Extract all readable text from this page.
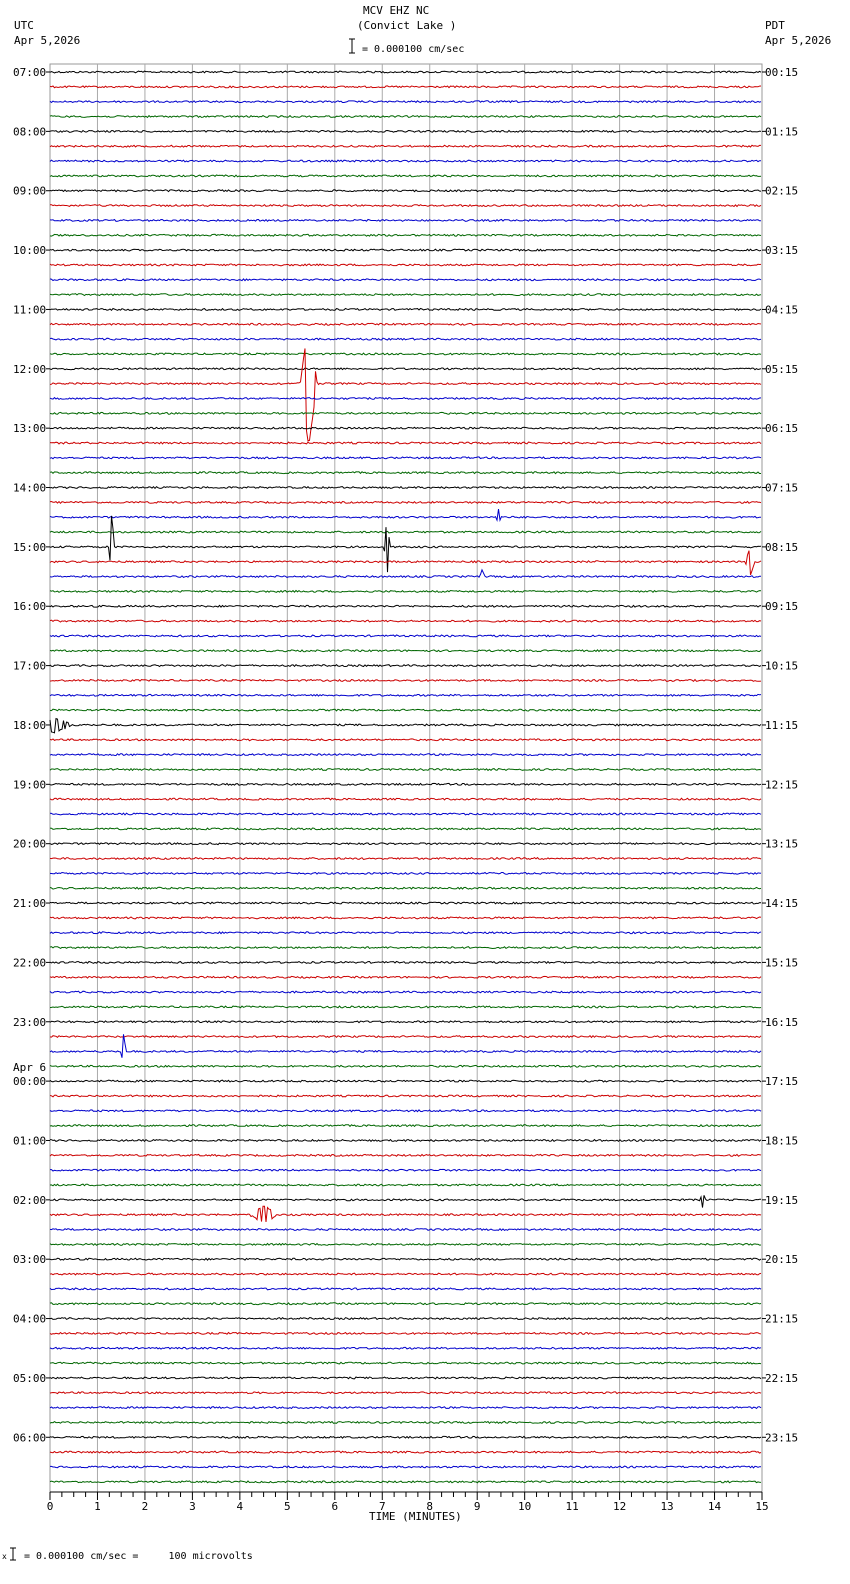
MCV EHZ NC
(Convict Lake )
UTC
Apr 5,2026
PDT
Apr 5,2026
= 0.000100 cm/sec
07:00	00:15
08:00	01:15
09:00	02:15
10:00	03:15
11:00	04:15
12:00	05:15
13:00	06:15
14:00	07:15
15:00	08:15
16:00	09:15
17:00	10:15
18:00	11:15
19:00	12:15
20:00	13:15
21:00	14:15
22:00	15:15
23:00	16:15
00:00	17:15
01:00	18:15
02:00	19:15
03:00	20:15
04:00	21:15
05:00	22:15
06:00	23:15
Apr 6
0	1	2	3	4	5	6	7	8	9	10	11	12	13	14	15
TIME (MINUTES)
x = 0.000100 cm/sec =     100 microvolts
